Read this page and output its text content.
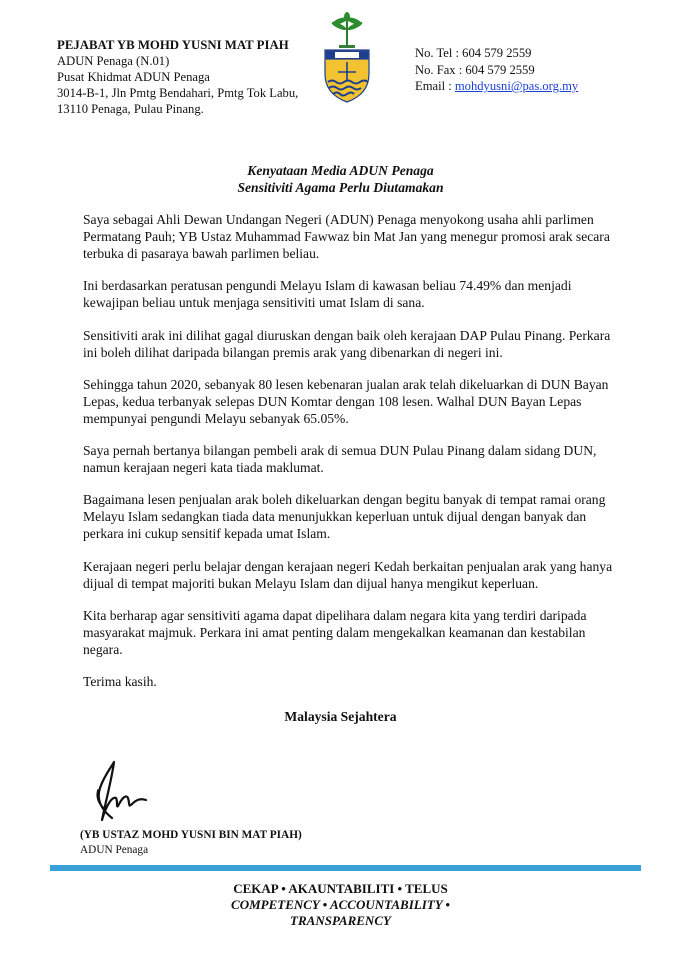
PEJABAT YB MOHD YUSNI MAT PIAH
ADUN Penaga (N.01)
Pusat Khidmat ADUN Penaga
3014-B-1, Jln Pmtg Bendahari, Pmtg Tok Labu,
13110 Penaga, Pulau Pinang.
No. Tel : 604 579 2559
No. Fax : 604 579 2559
Email : mohdyusni@pas.org.my
Kenyataan Media ADUN Penaga
Sensitiviti Agama Perlu Diutamakan

Saya sebagai Ahli Dewan Undangan Negeri (ADUN) Penaga menyokong usaha ahli parlimen Permatang Pauh; YB Ustaz Muhammad Fawwaz bin Mat Jan yang menegur promosi arak secara terbuka di pasaraya bawah parlimen beliau.

Ini berdasarkan peratusan pengundi Melayu Islam di kawasan beliau 74.49% dan menjadi kewajipan beliau untuk menjaga sensitiviti umat Islam di sana.

Sensitiviti arak ini dilihat gagal diuruskan dengan baik oleh kerajaan DAP Pulau Pinang. Perkara ini boleh dilihat daripada bilangan premis arak yang dibenarkan di negeri ini.

Sehingga tahun 2020, sebanyak 80 lesen kebenaran jualan arak telah dikeluarkan di DUN Bayan Lepas, kedua terbanyak selepas DUN Komtar dengan 108 lesen. Walhal DUN Bayan Lepas mempunyai pengundi Melayu sebanyak 65.05%.

Saya pernah bertanya bilangan pembeli arak di semua DUN Pulau Pinang dalam sidang DUN, namun kerajaan negeri kata tiada maklumat.

Bagaimana lesen penjualan arak boleh dikeluarkan dengan begitu banyak di tempat ramai orang Melayu Islam sedangkan tiada data menunjukkan keperluan untuk dijual dengan banyak dan perkara ini cukup sensitif kepada umat Islam.

Kerajaan negeri perlu belajar dengan kerajaan negeri Kedah berkaitan penjualan arak yang hanya dijual di tempat majoriti bukan Melayu Islam dan dijual hanya mengikut keperluan.

Kita berharap agar sensitiviti agama dapat dipelihara dalam negara kita yang terdiri daripada masyarakat majmuk. Perkara ini amat penting dalam mengekalkan keamanan dan kestabilan negara.

Terima kasih.

Malaysia Sejahtera
(YB USTAZ MOHD YUSNI BIN MAT PIAH)
ADUN Penaga
CEKAP • AKAUNTABILITI • TELUS
COMPETENCY • ACCOUNTABILITY •
TRANSPARENCY
